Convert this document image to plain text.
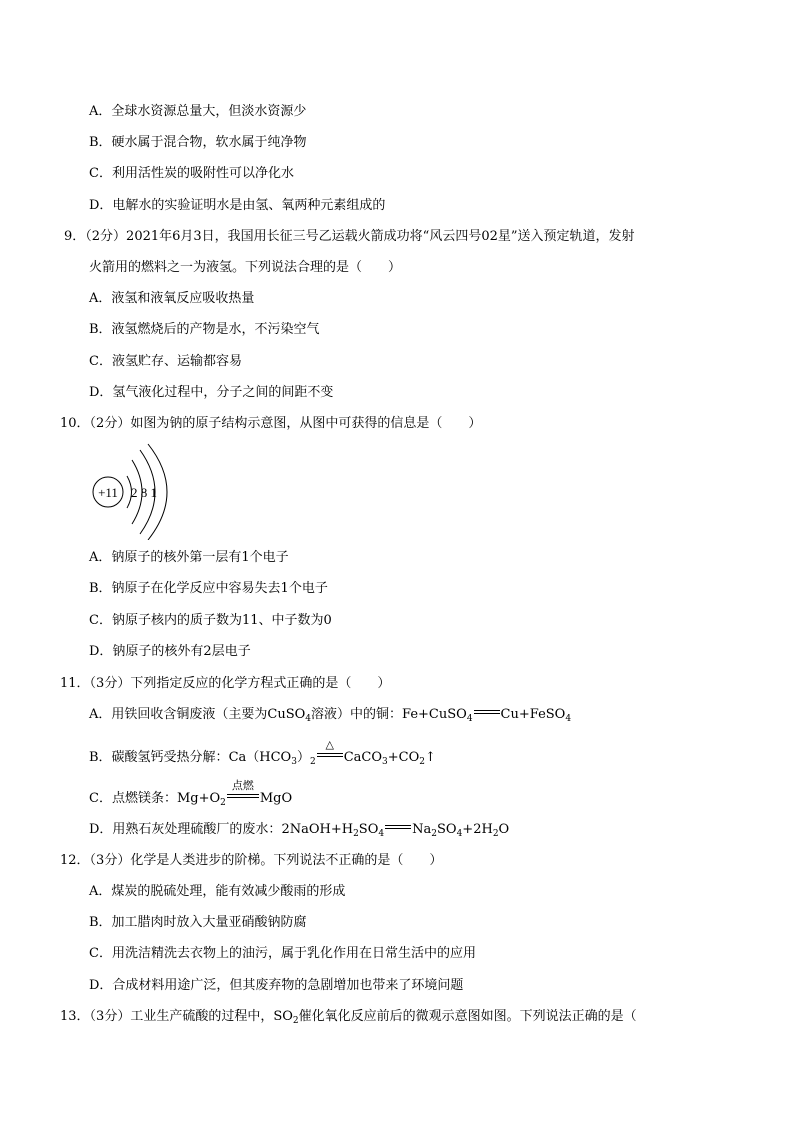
A．全球水资源总量大，但淡水资源少
B．硬水属于混合物，软水属于纯净物
C．利用活性炭的吸附性可以净化水
D．电解水的实验证明水是由氢、氧两种元素组成的
9．（2分）2021年6月3日，我国用长征三号乙运载火箭成功将“风云四号02星”送入预定轨道，发射
火箭用的燃料之一为液氢。下列说法合理的是（　　）
A．液氢和液氧反应吸收热量
B．液氢燃烧后的产物是水，不污染空气
C．液氢贮存、运输都容易
D．氢气液化过程中，分子之间的间距不变
10．（2分）如图为钠的原子结构示意图，从图中可获得的信息是（　　）
+11 2 8 1
A．钠原子的核外第一层有1个电子
B．钠原子在化学反应中容易失去1个电子
C．钠原子核内的质子数为11、中子数为0
D．钠原子的核外有2层电子
11．（3分）下列指定反应的化学方程式正确的是（　　）
A．用铁回收含铜废液（主要为CuSO$_4$溶液）中的铜：Fe+CuSO$_4$ Cu+FeSO$_4$
B．碳酸氢钙受热分解：$Ca(HCO_3)_2$
△
$CaCO_3+CO_2↑$
C．点燃镁条：$Mg+O_2$
点燃
MgO
D．用熟石灰处理硫酸厂的废水：$2NaOH+H_2SO_4$ $Na_2SO_4+2H_2O$
12．（3分）化学是人类进步的阶梯。下列说法不正确的是（　　）
A．煤炭的脱硫处理，能有效减少酸雨的形成
B．加工腊肉时放入大量亚硝酸钠防腐
C．用洗洁精洗去衣物上的油污，属于乳化作用在日常生活中的应用
D．合成材料用途广泛，但其废弃物的急剧增加也带来了环境问题
13．（3分）工业生产硫酸的过程中，$SO_2$催化氧化反应前后的微观示意图如图。下列说法正确的是（
